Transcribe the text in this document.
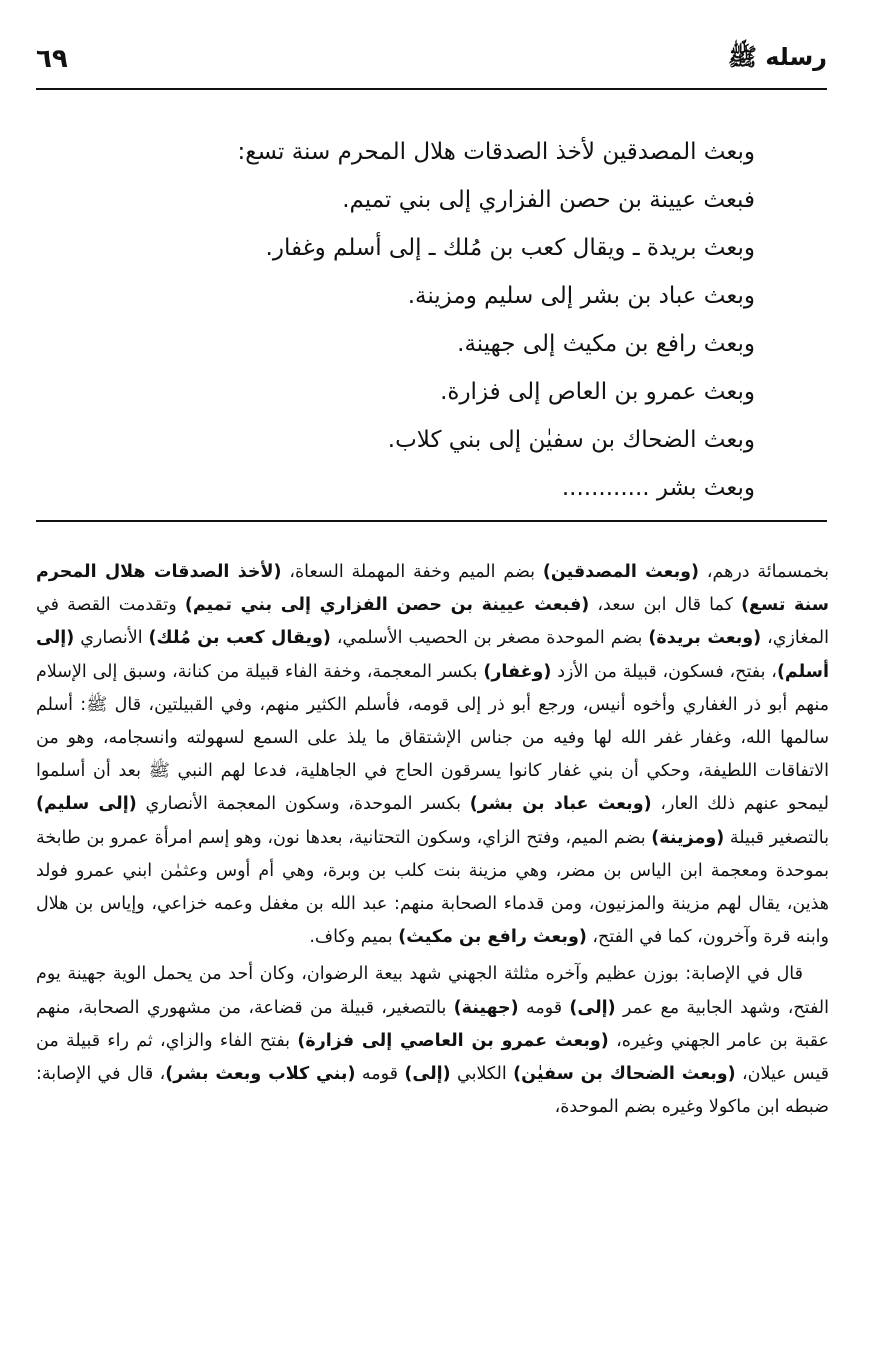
رسله ﷺ
٦٩
وبعث المصدقين لأخذ الصدقات هلال المحرم سنة تسع:
فبعث عيينة بن حصن الفزاري إلى بني تميم.
وبعث بريدة ـ ويقال كعب بن مُلك ـ إلى أسلم وغفار.
وبعث عباد بن بشر إلى سليم ومزينة.
وبعث رافع بن مكيث إلى جهينة.
وبعث عمرو بن العاص إلى فزارة.
وبعث الضحاك بن سفيٰن إلى بني كلاب.
وبعث بشر ............

بخمسمائة درهم، (وبعث المصدقين) بضم الميم وخفة المهملة السعاة، (لأخذ الصدقات هلال المحرم سنة تسع) كما قال ابن سعد، (فبعث عيينة بن حصن الفزاري إلى بني تميم) وتقدمت القصة في المغازي، (وبعث بريدة) بضم الموحدة مصغر بن الحصيب الأسلمي، (ويقال كعب بن مُلك) الأنصاري (إلى أسلم)، بفتح، فسكون، قبيلة من الأزد (وغفار) بكسر المعجمة، وخفة الفاء قبيلة من كنانة، وسبق إلى الإسلام منهم أبو ذر الغفاري وأخوه أنيس، ورجع أبو ذر إلى قومه، فأسلم الكثير منهم، وفي القبيلتين، قال ﷺ: أسلم سالمها الله، وغفار غفر الله لها وفيه من جناس الإشتقاق ما يلذ على السمع لسهولته وانسجامه، وهو من الاتفاقات اللطيفة، وحكي أن بني غفار كانوا يسرقون الحاج في الجاهلية، فدعا لهم النبي ﷺ بعد أن أسلموا ليمحو عنهم ذلك العار، (وبعث عباد بن بشر) بكسر الموحدة، وسكون المعجمة الأنصاري (إلى سليم) بالتصغير قبيلة (ومزينة) بضم الميم، وفتح الزاي، وسكون التحتانية، بعدها نون، وهو إسم امرأة عمرو بن طابخة بموحدة ومعجمة ابن الياس بن مضر، وهي مزينة بنت كلب بن وبرة، وهي أم أوس وعثمٰن ابني عمرو فولد هذين، يقال لهم مزينة والمزنيون، ومن قدماء الصحابة منهم: عبد الله بن مغفل وعمه خزاعي، وإياس بن هلال وابنه قرة وآخرون، كما في الفتح، (وبعث رافع بن مكيث) بميم وكاف.

قال في الإصابة: بوزن عظيم وآخره مثلثة الجهني شهد بيعة الرضوان، وكان أحد من يحمل الوية جهينة يوم الفتح، وشهد الجابية مع عمر (إلى) قومه (جهينة) بالتصغير، قبيلة من قضاعة، من مشهوري الصحابة، منهم عقبة بن عامر الجهني وغيره، (وبعث عمرو بن العاصي إلى فزارة) بفتح الفاء والزاي، ثم راء قبيلة من قيس عيلان، (وبعث الضحاك بن سفيٰن) الكلابي (إلى) قومه (بني كلاب وبعث بشر)، قال في الإصابة: ضبطه ابن ماكولا وغيره بضم الموحدة،
